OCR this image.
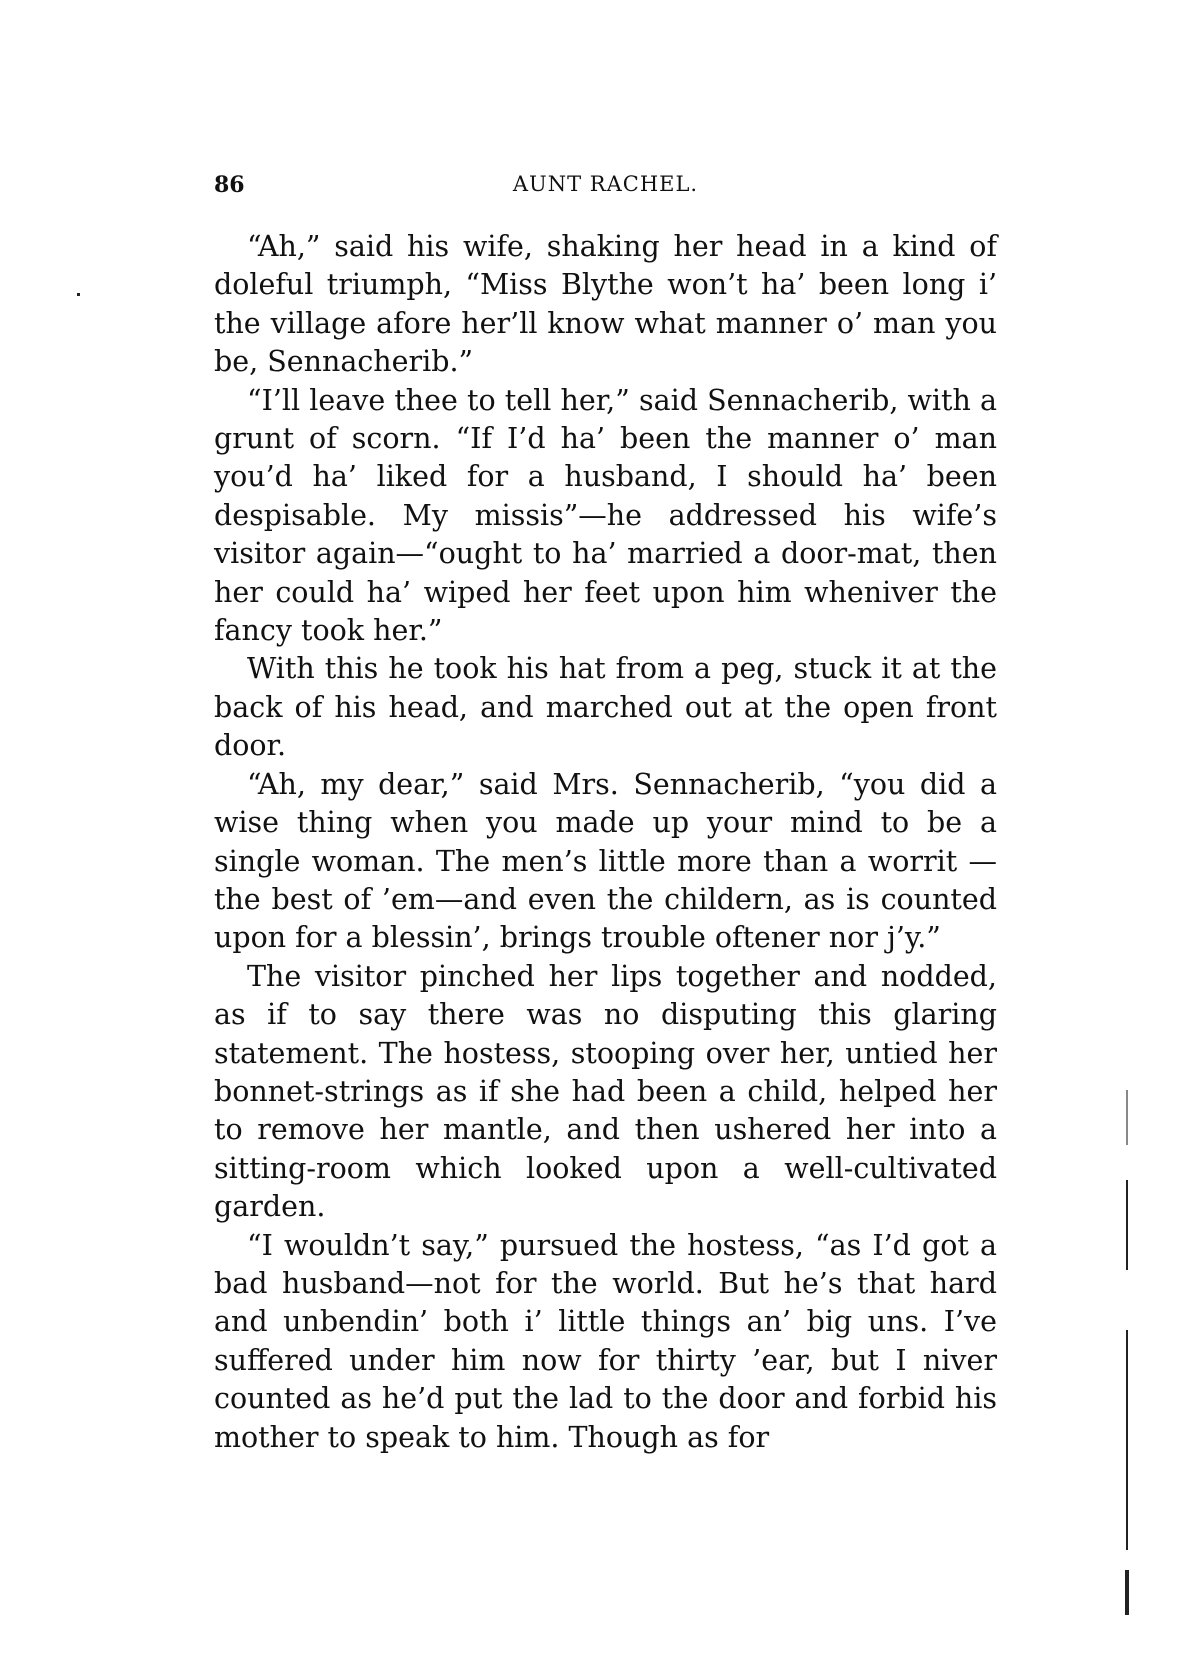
86	AUNT RACHEL.

“Ah,” said his wife, shaking her head in a kind of doleful triumph, “Miss Blythe won’t ha’ been long i’ the village afore her’ll know what manner o’ man you be, Sennacherib.”

“I’ll leave thee to tell her,” said Sennacherib, with a grunt of scorn. “If I’d ha’ been the manner o’ man you’d ha’ liked for a husband, I should ha’ been despisable. My missis”—he addressed his wife’s visitor again—“ought to ha’ married a door-mat, then her could ha’ wiped her feet upon him wheniver the fancy took her.”

With this he took his hat from a peg, stuck it at the back of his head, and marched out at the open front door.

“Ah, my dear,” said Mrs. Sennacherib, “you did a wise thing when you made up your mind to be a single woman. The men’s little more than a worrit —the best of ’em—and even the childern, as is counted upon for a blessin’, brings trouble oftener nor j’y.”

The visitor pinched her lips together and nodded, as if to say there was no disputing this glaring statement. The hostess, stooping over her, untied her bonnet-strings as if she had been a child, helped her to remove her mantle, and then ushered her into a sitting-room which looked upon a well-cultivated garden.

“I wouldn’t say,” pursued the hostess, “as I’d got a bad husband—not for the world. But he’s that hard and unbendin’ both i’ little things an’ big uns. I’ve suffered under him now for thirty ’ear, but I niver counted as he’d put the lad to the door and forbid his mother to speak to him. Though as for
